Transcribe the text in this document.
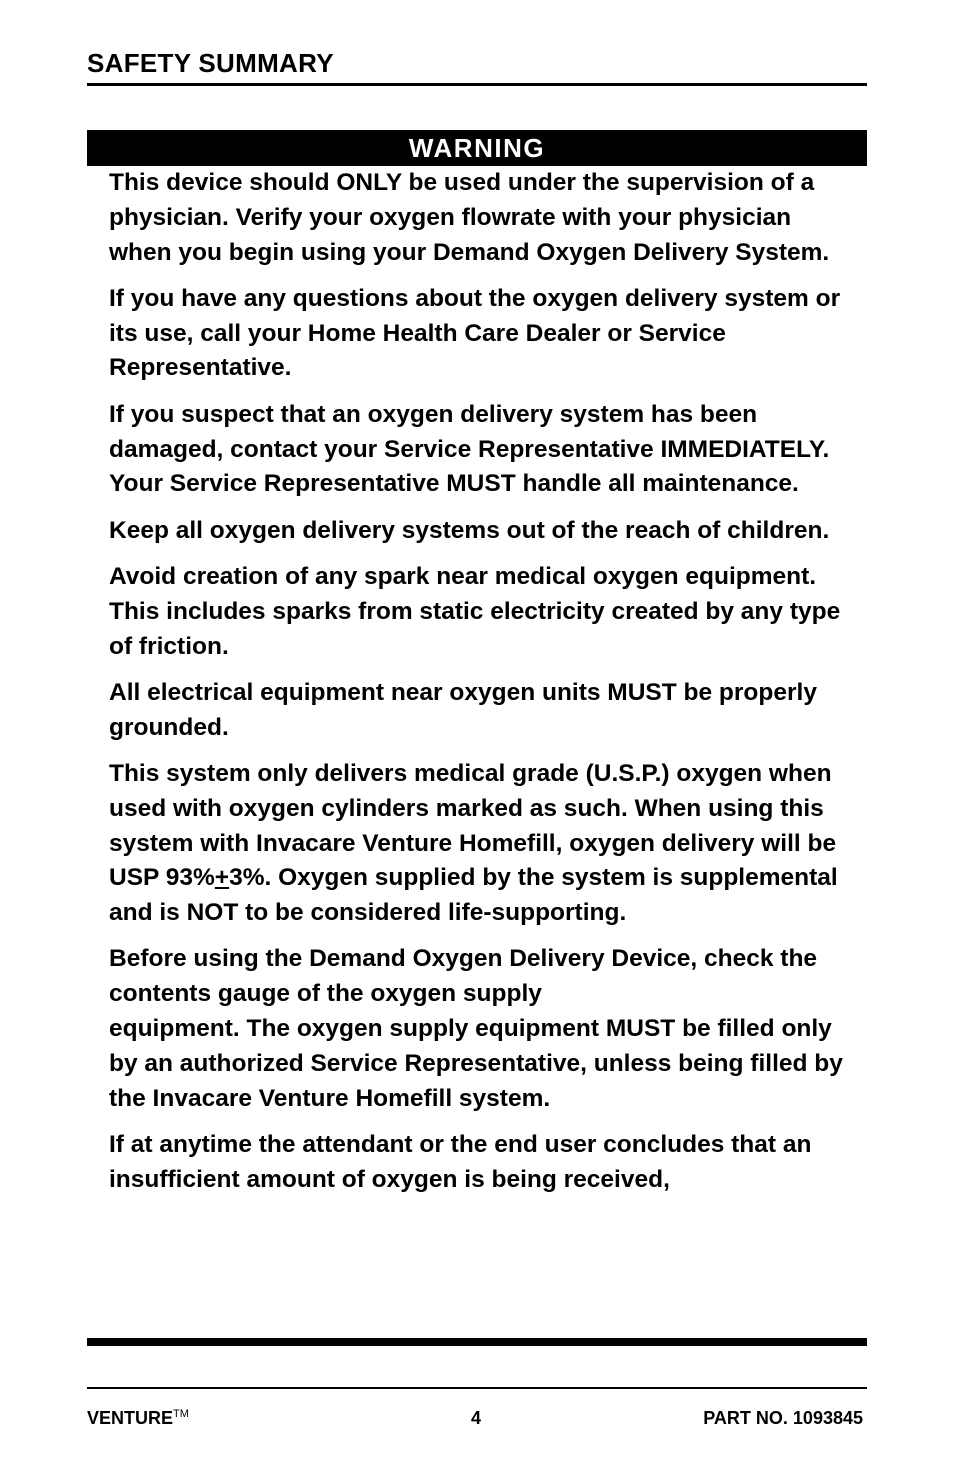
SAFETY SUMMARY
WARNING

This device should ONLY be used under the supervision of a physician. Verify your oxygen flowrate with your physician when you begin using your Demand Oxygen Delivery System.

If you have any questions about the oxygen delivery system or its use, call your Home Health Care Dealer or Service Representative.

If you suspect that an oxygen delivery system has been damaged, contact your Service Representative IMMEDIATELY. Your Service Representative MUST handle all maintenance.

Keep all oxygen delivery systems out of the reach of children.

Avoid creation of any spark near medical oxygen equipment. This includes sparks from static electricity created by any type of friction.

All electrical equipment near oxygen units MUST be properly grounded.

This system only delivers medical grade (U.S.P.) oxygen when used with oxygen cylinders marked as such. When using this system with Invacare Venture Homefill, oxygen delivery will be USP 93%+3%. Oxygen supplied by the system is supplemental and is NOT to be considered life-supporting.

Before using the Demand Oxygen Delivery Device, check the contents gauge of the oxygen supply
equipment. The oxygen supply equipment MUST be filled only by an authorized Service Representative, unless being filled by the Invacare Venture Homefill system.

If at anytime the attendant or the end user concludes that an insufficient amount of oxygen is being received,

VENTURE™	4	PART NO. 1093845
